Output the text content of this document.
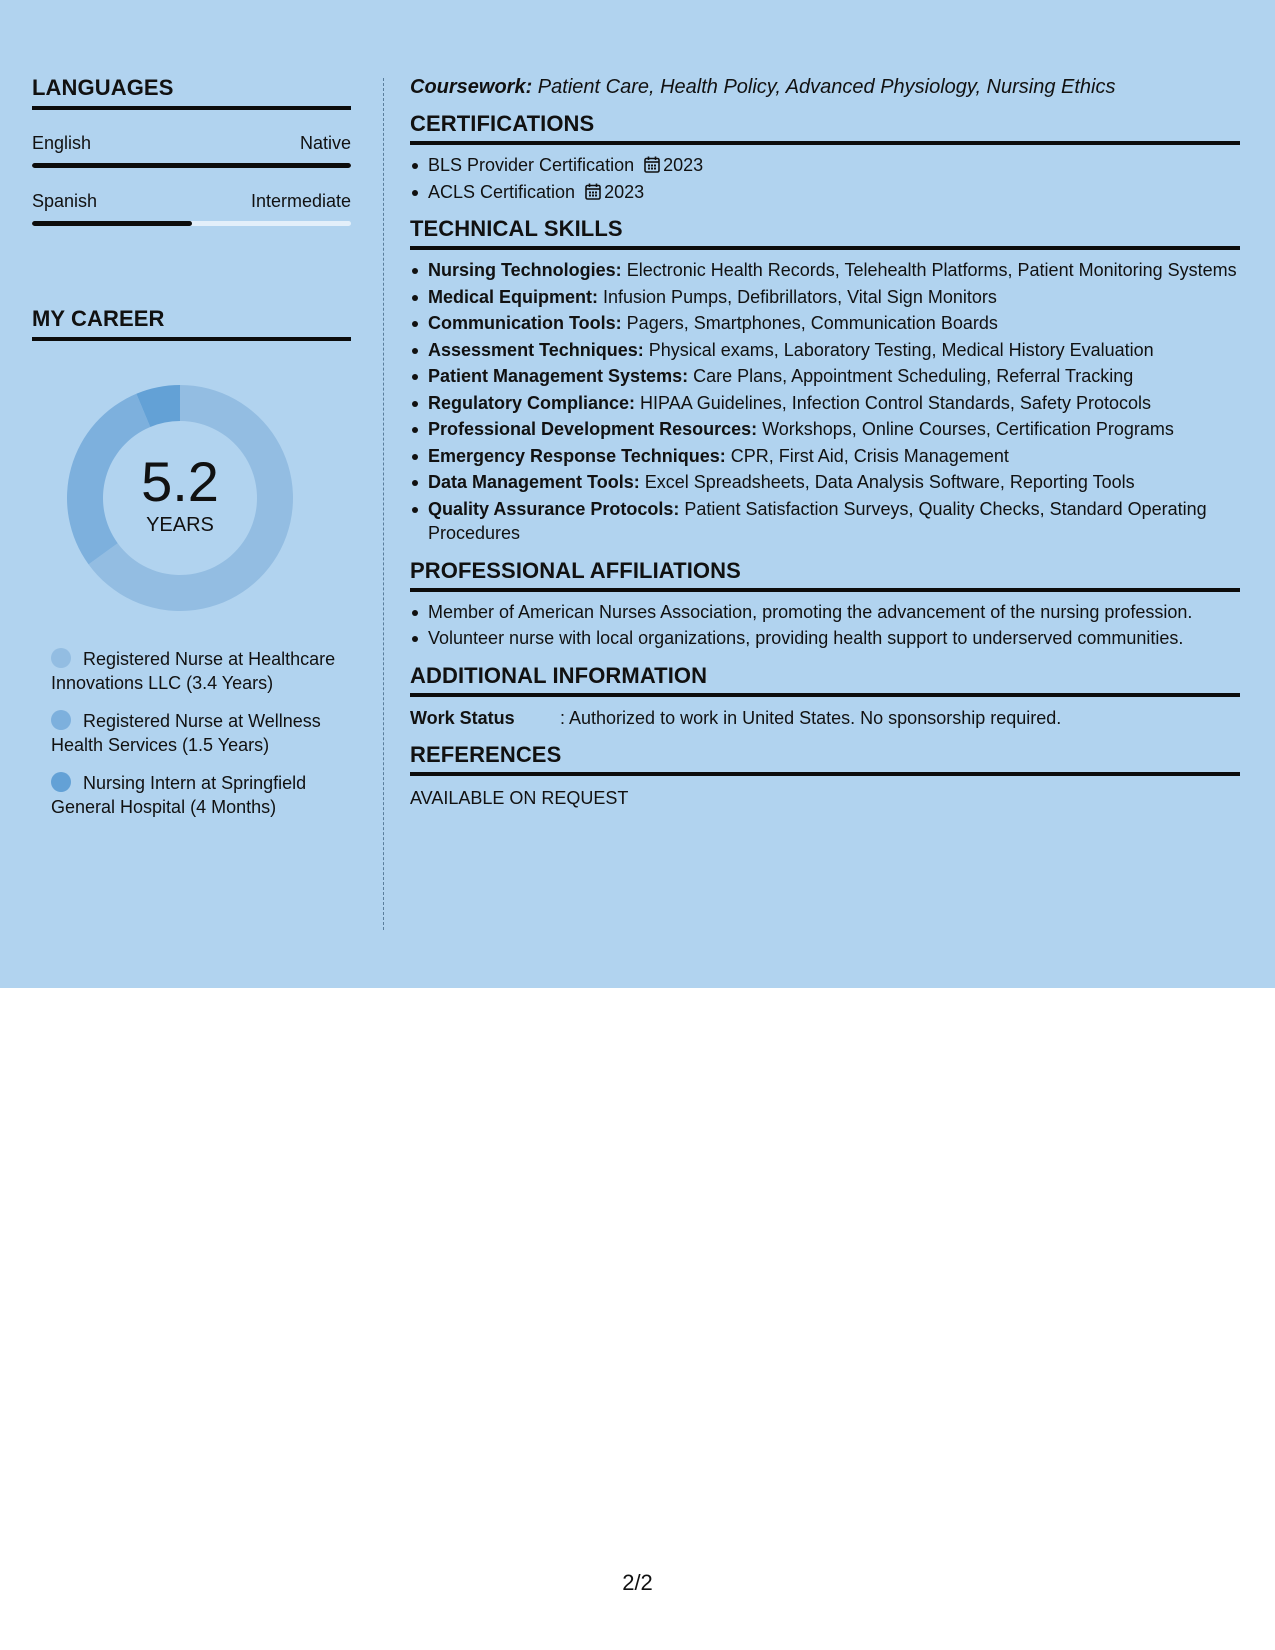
LANGUAGES
English	Native
Spanish	Intermediate
MY CAREER
5.2
YEARS
Registered Nurse at Healthcare Innovations LLC (3.4 Years)
Registered Nurse at Wellness Health Services (1.5 Years)
Nursing Intern at Springfield General Hospital (4 Months)
Coursework: Patient Care, Health Policy, Advanced Physiology, Nursing Ethics
CERTIFICATIONS
BLS Provider Certification 2023
ACLS Certification 2023
TECHNICAL SKILLS
Nursing Technologies: Electronic Health Records, Telehealth Platforms, Patient Monitoring Systems
Medical Equipment: Infusion Pumps, Defibrillators, Vital Sign Monitors
Communication Tools: Pagers, Smartphones, Communication Boards
Assessment Techniques: Physical exams, Laboratory Testing, Medical History Evaluation
Patient Management Systems: Care Plans, Appointment Scheduling, Referral Tracking
Regulatory Compliance: HIPAA Guidelines, Infection Control Standards, Safety Protocols
Professional Development Resources: Workshops, Online Courses, Certification Programs
Emergency Response Techniques: CPR, First Aid, Crisis Management
Data Management Tools: Excel Spreadsheets, Data Analysis Software, Reporting Tools
Quality Assurance Protocols: Patient Satisfaction Surveys, Quality Checks, Standard Operating Procedures
PROFESSIONAL AFFILIATIONS
Member of American Nurses Association, promoting the advancement of the nursing profession.
Volunteer nurse with local organizations, providing health support to underserved communities.
ADDITIONAL INFORMATION
Work Status	: Authorized to work in United States. No sponsorship required.
REFERENCES
AVAILABLE ON REQUEST
2/2
